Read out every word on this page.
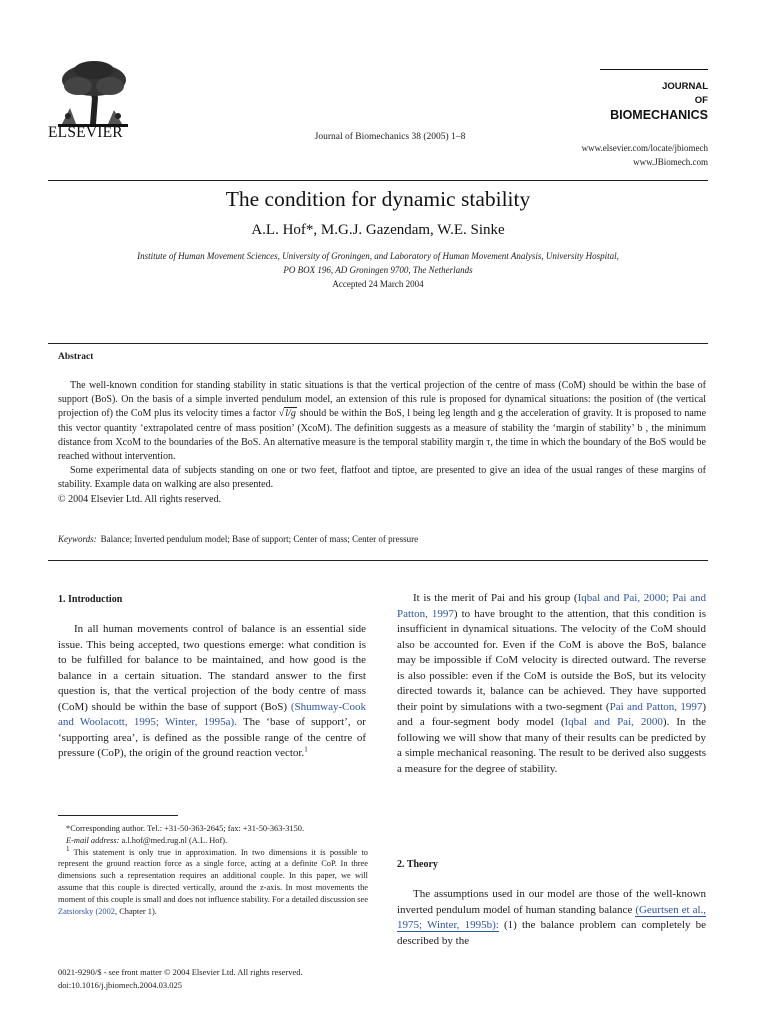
ELSEVIER	Journal of Biomechanics 38 (2005) 1–8
JOURNAL
OF
BIOMECHANICS
www.elsevier.com/locate/jbiomech
www.JBiomech.com
The condition for dynamic stability
A.L. Hof*, M.G.J. Gazendam, W.E. Sinke
Institute of Human Movement Sciences, University of Groningen, and Laboratory of Human Movement Analysis, University Hospital,
PO BOX 196, AD Groningen 9700, The Netherlands
Accepted 24 March 2004
Abstract

The well-known condition for standing stability in static situations is that the vertical projection of the centre of mass (CoM) should be within the base of support (BoS). On the basis of a simple inverted pendulum model, an extension of this rule is proposed for dynamical situations: the position of (the vertical projection of) the CoM plus its velocity times a factor √l/g should be within the BoS, l being leg length and g the acceleration of gravity. It is proposed to name this vector quantity ‘extrapolated centre of mass position’ (XcoM). The definition suggests as a measure of stability the ‘margin of stability’ b , the minimum distance from XcoM to the boundaries of the BoS. An alternative measure is the temporal stability margin τ, the time in which the boundary of the BoS would be reached without intervention.

Some experimental data of subjects standing on one or two feet, flatfoot and tiptoe, are presented to give an idea of the usual ranges of these margins of stability. Example data on walking are also presented.

© 2004 Elsevier Ltd. All rights reserved.

Keywords: Balance; Inverted pendulum model; Base of support; Center of mass; Center of pressure
1. Introduction

In all human movements control of balance is an essential side issue. This being accepted, two questions emerge: what condition is to be fulfilled for balance to be maintained, and how good is the balance in a certain situation. The standard answer to the first question is, that the vertical projection of the body centre of mass (CoM) should be within the base of support (BoS) (Shumway-Cook and Woolacott, 1995; Winter, 1995a). The ‘base of support’, or ‘supporting area’, is defined as the possible range of the centre of pressure (CoP), the origin of the ground reaction vector.$^1$

*Corresponding author. Tel.: +31-50-363-2645; fax: +31-50-363-3150.

E-mail address: a.l.hof@med.rug.nl (A.L. Hof).

$^1$ This statement is only true in approximation. In two dimensions it is possible to represent the ground reaction force as a single force, acting at a definite CoP. In three dimensions such a representation requires an additional couple. In this paper, we will assume that this couple is directed vertically, around the z-axis. In most movements the moment of this couple is small and does not influence stability. For a detailed discussion see Zatsiorsky (2002, Chapter 1).

0021-9290/$ - see front matter © 2004 Elsevier Ltd. All rights reserved.
doi:10.1016/j.jbiomech.2004.03.025

It is the merit of Pai and his group (Iqbal and Pai, 2000; Pai and Patton, 1997) to have brought to the attention, that this condition is insufficient in dynamical situations. The velocity of the CoM should also be accounted for. Even if the CoM is above the BoS, balance may be impossible if CoM velocity is directed outward. The reverse is also possible: even if the CoM is outside the BoS, but its velocity directed towards it, balance can be achieved. They have supported their point by simulations with a two-segment (Pai and Patton, 1997) and a four-segment body model (Iqbal and Pai, 2000). In the following we will show that many of their results can be predicted by a simple mechanical reasoning. The result to be derived also suggests a measure for the degree of stability.

2. Theory

The assumptions used in our model are those of the well-known inverted pendulum model of human standing balance (Geurtsen et al., 1975; Winter, 1995b): (1) the balance problem can completely be described by the
